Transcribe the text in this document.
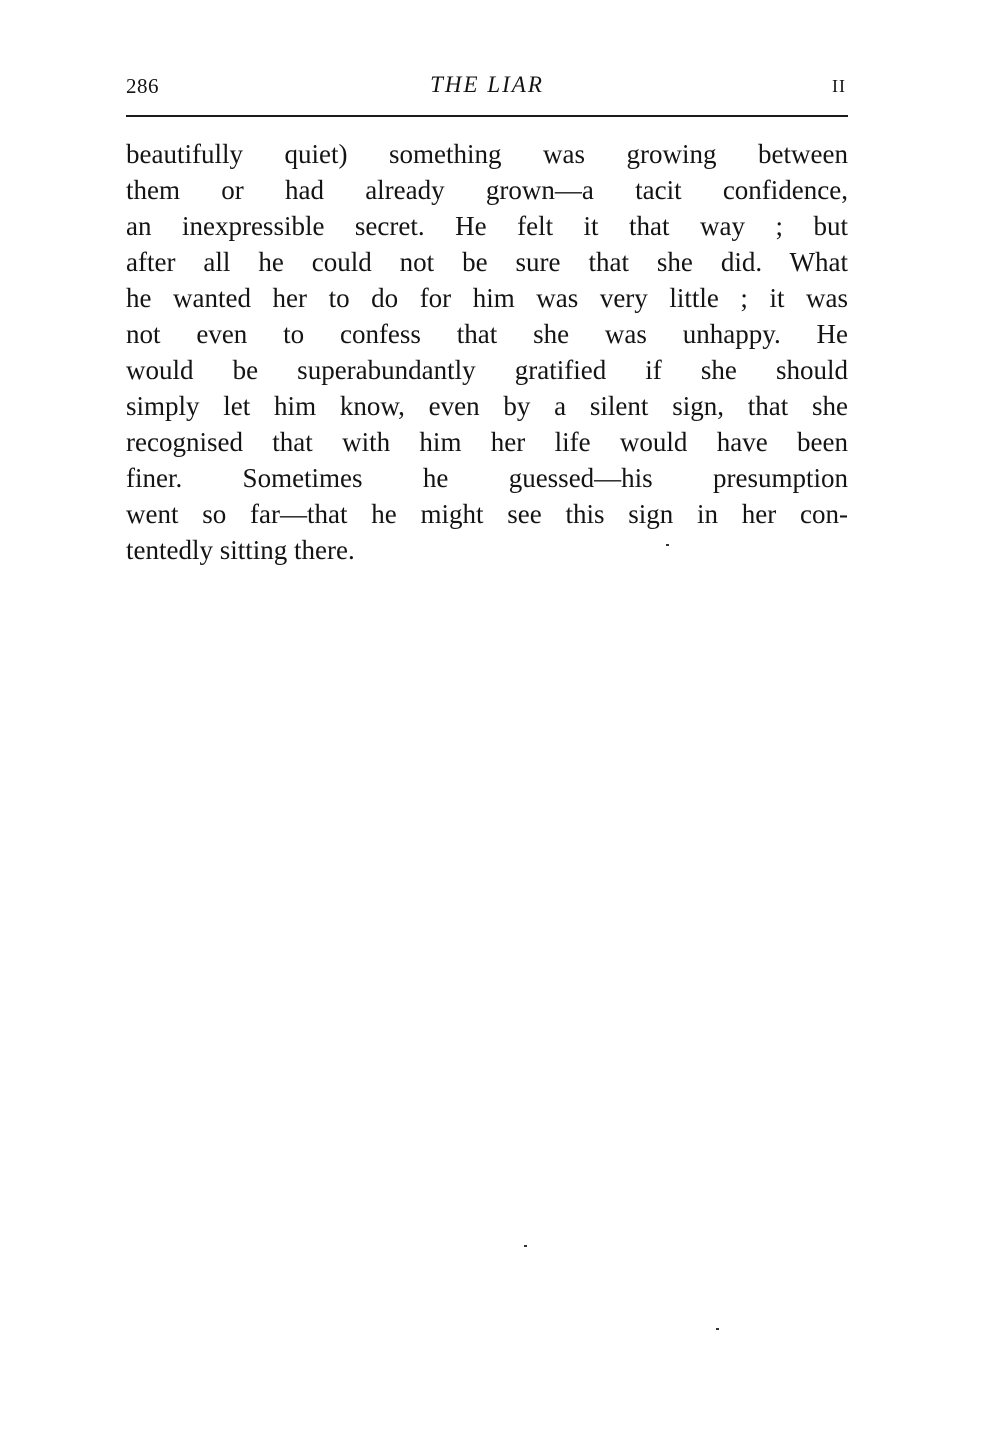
286	THE LIAR	II
beautifully quiet) something was growing between
them or had already grown—a tacit confidence,
an inexpressible secret. He felt it that way ; but
after all he could not be sure that she did. What
he wanted her to do for him was very little ; it was
not even to confess that she was unhappy. He
would be superabundantly gratified if she should
simply let him know, even by a silent sign, that she
recognised that with him her life would have been
finer. Sometimes he guessed—his presumption
went so far—that he might see this sign in her con-
tentedly sitting there.
